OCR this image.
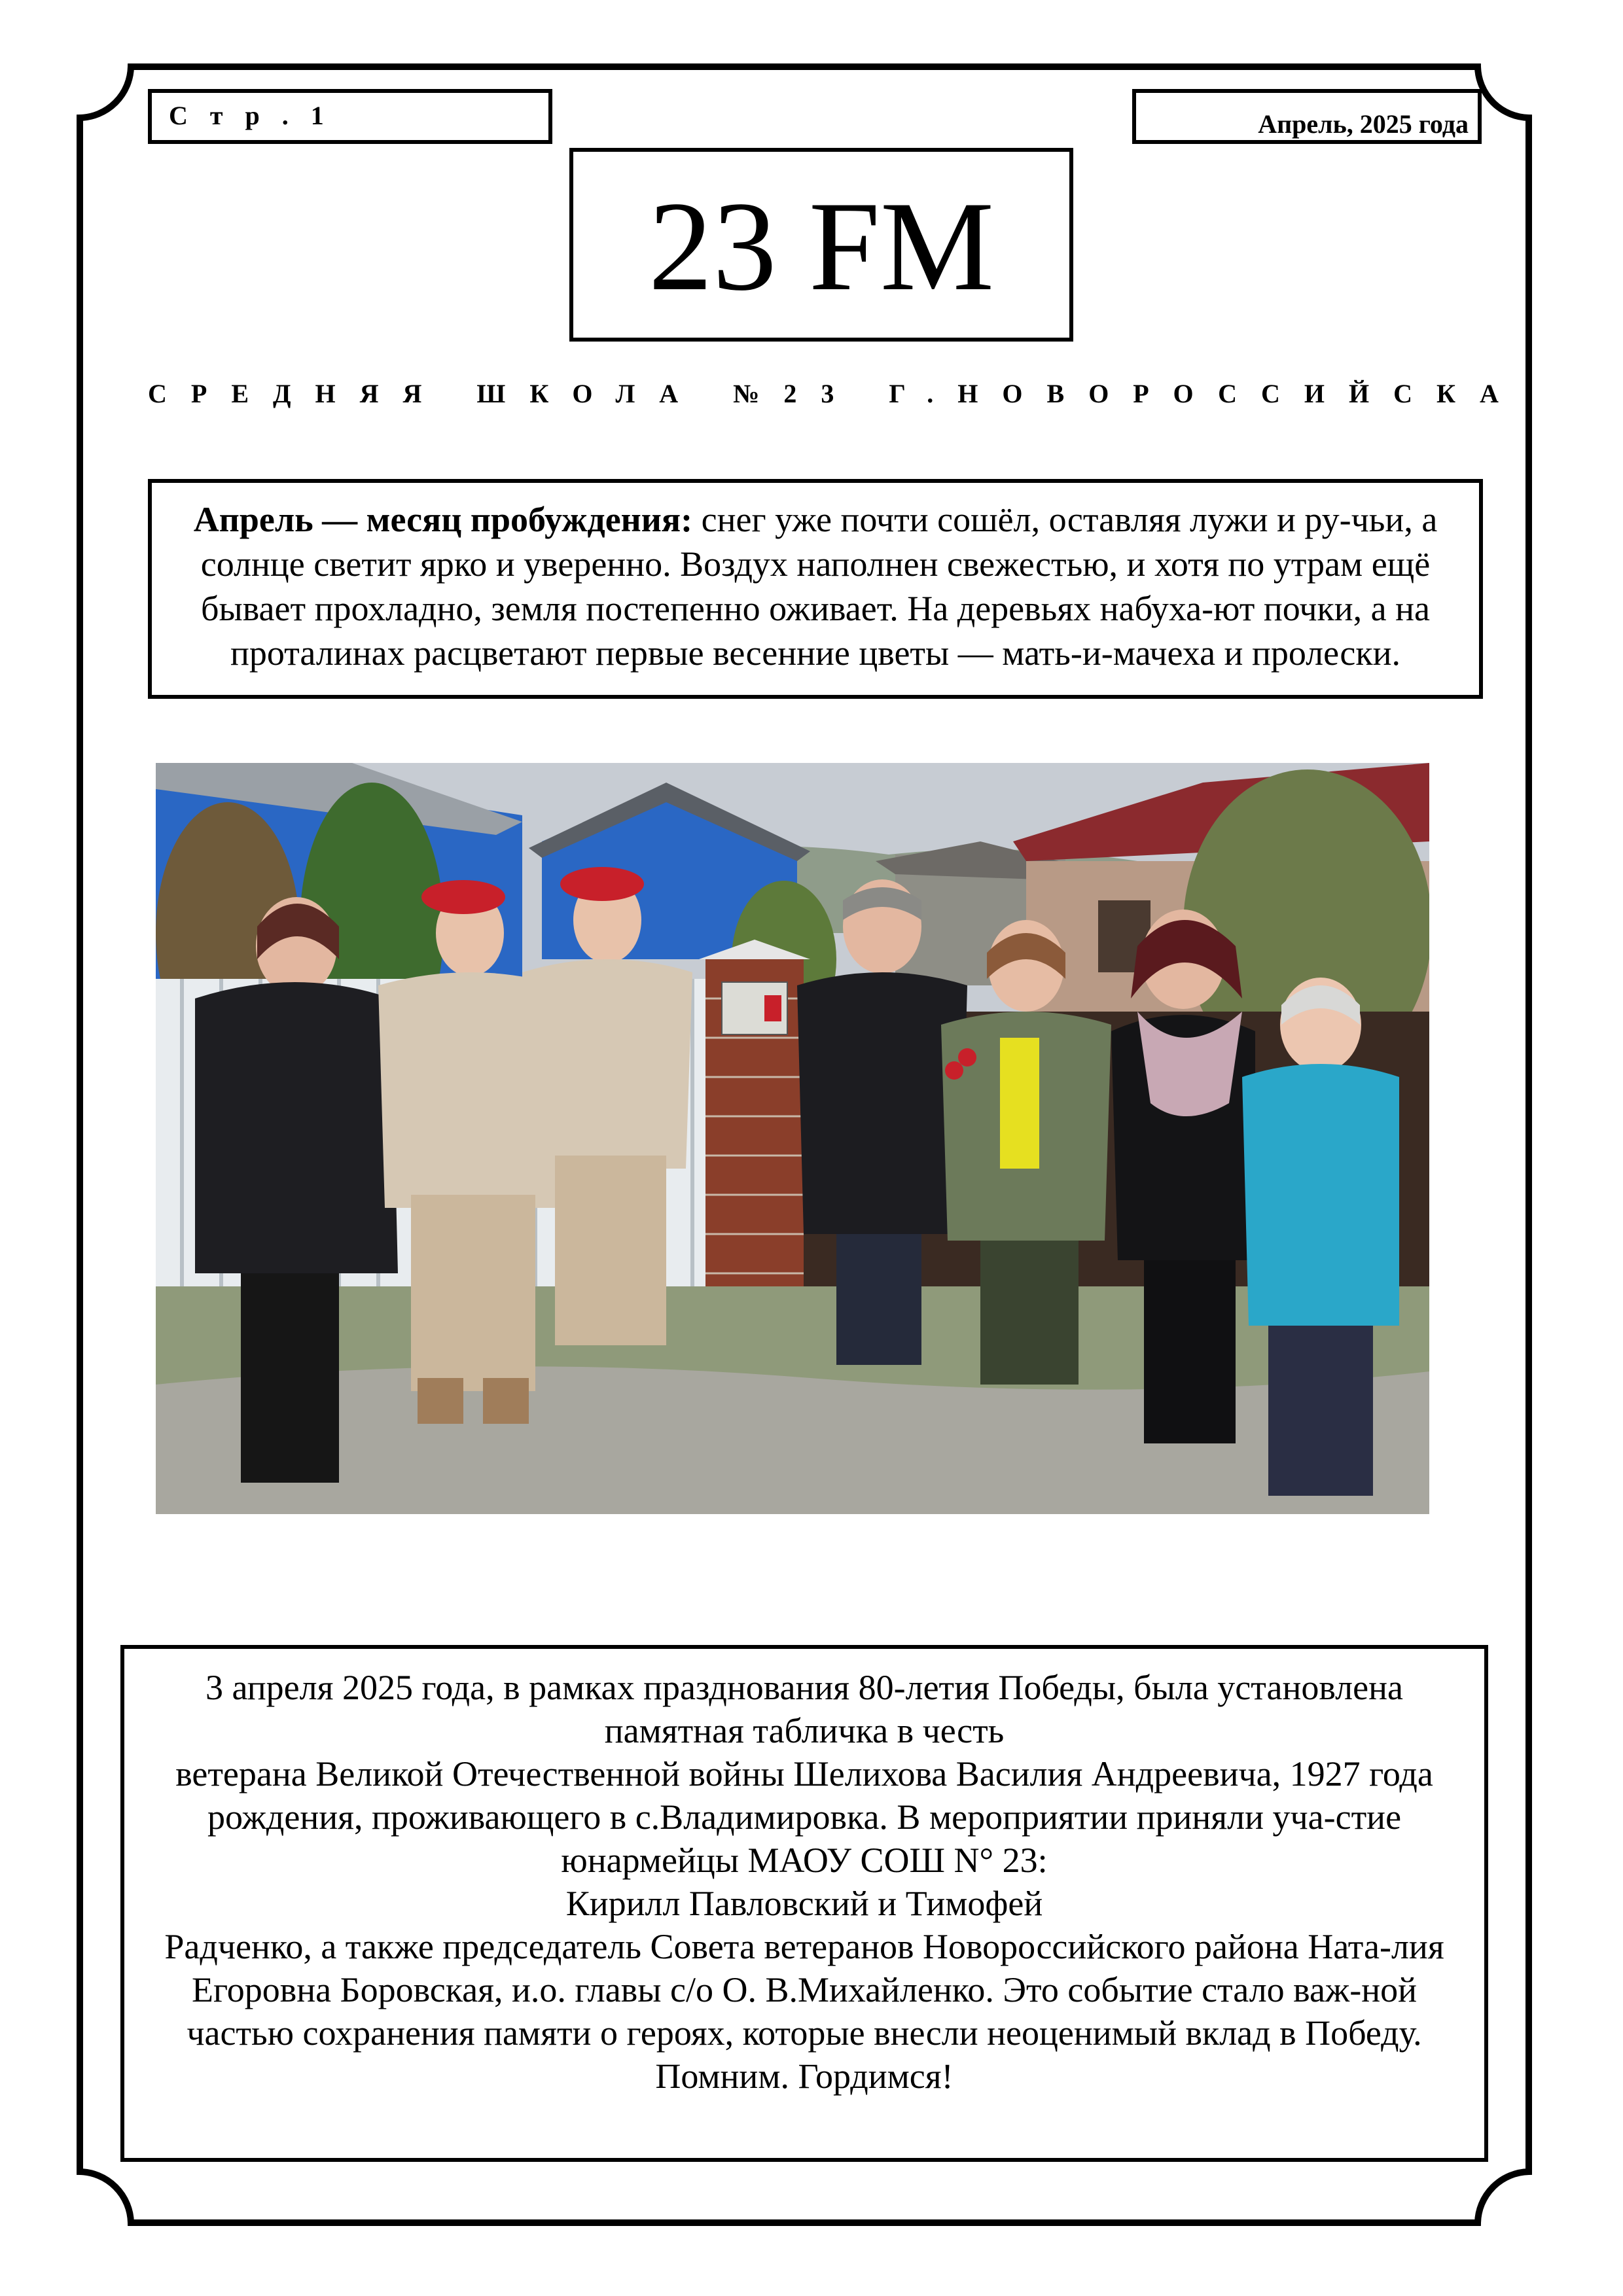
С т р . 1	Апрель, 2025 года
23 FM
СРЕДНЯЯ ШКОЛА №23 Г.НОВОРОССИЙСКА
Апрель — месяц пробуждения: снег уже почти сошёл, оставляя лужи и ру-чьи, а солнце светит ярко и уверенно. Воздух наполнен свежестью, и хотя по утрам ещё бывает прохладно, земля постепенно оживает. На деревьях набуха-ют почки, а на проталинах расцветают первые весенние цветы — мать-и-мачеха и пролески.

3 апреля 2025 года, в рамках празднования 80-летия Победы, была установлена памятная табличка в честь

ветерана Великой Отечественной войны Шелихова Василия Андреевича, 1927 года рождения, проживающего в с.Владимировка. В мероприятии приняли уча-стие юнармейцы МАОУ СОШ N° 23:

Кирилл Павловский и Тимофей

Радченко, а также председатель Совета ветеранов Новороссийского района Ната-лия Егоровна Боровская, и.о. главы с/о О. В.Михайленко. Это событие стало важ-ной частью сохранения памяти о героях, которые внесли неоценимый вклад в Победу.

Помним. Гордимся!
